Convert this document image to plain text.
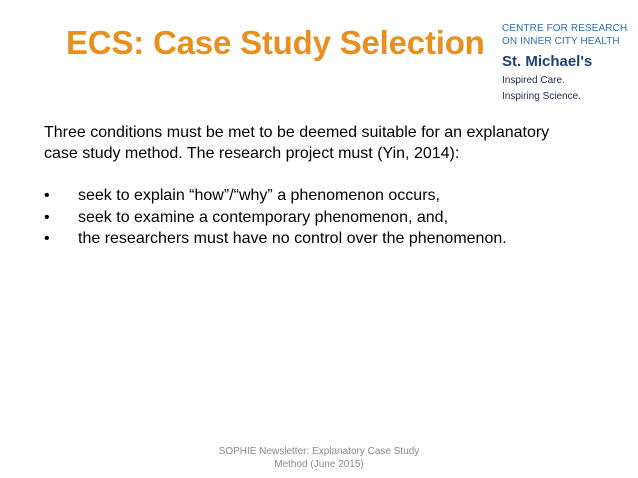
ECS: Case Study Selection CENTRE FOR RESEARCH
ON INNER CITY HEALTH
St. Michael's
Inspired Care.
Inspiring Science.

Three conditions must be met to be deemed suitable for an explanatory

case study method. The research project must (Yin, 2014):

• seek to explain “how”/“why” a phenomenon occurs,
• seek to examine a contemporary phenomenon, and,
• the researchers must have no control over the phenomenon.
SOPHIE Newsletter: Explanatory Case Study
Method (June 2015)
